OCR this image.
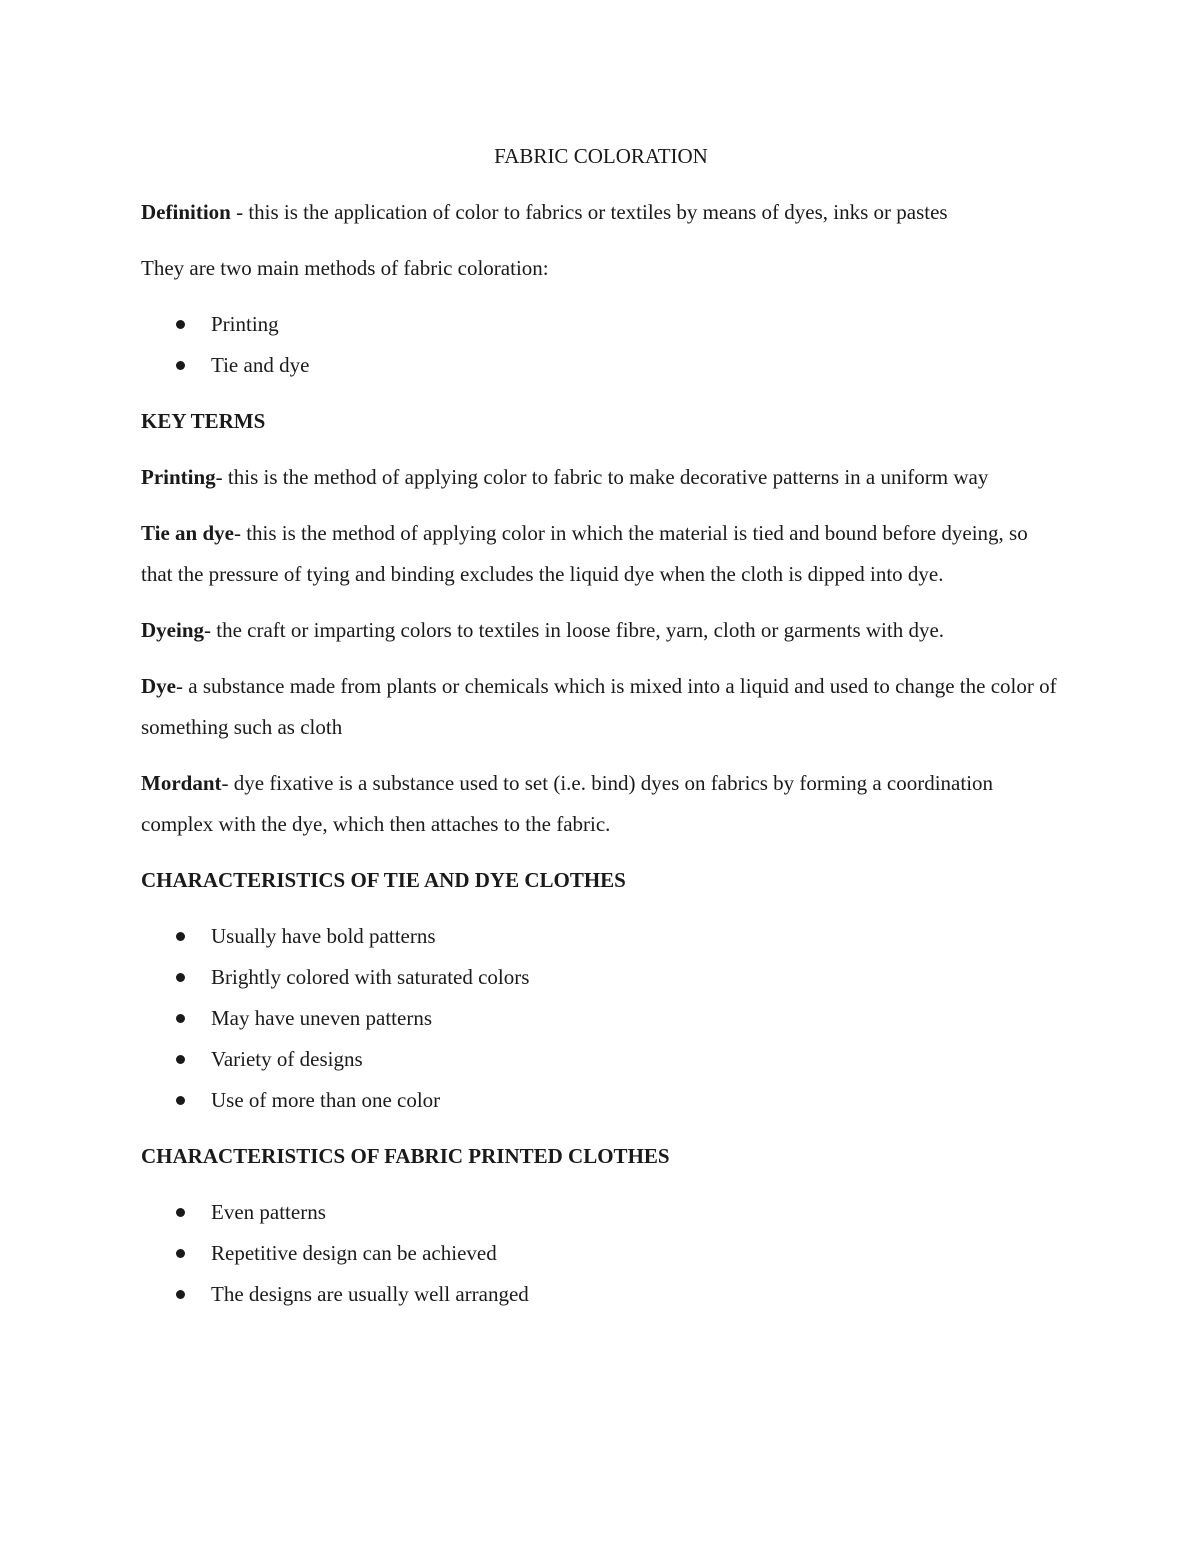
FABRIC COLORATION

Definition - this is the application of color to fabrics or textiles by means of dyes, inks or pastes

They are two main methods of fabric coloration:

Printing
Tie and dye
KEY TERMS

Printing- this is the method of applying color to fabric to make decorative patterns in a uniform way

Tie an dye- this is the method of applying color in which the material is tied and bound before dyeing, so that the pressure of tying and binding excludes the liquid dye when the cloth is dipped into dye.

Dyeing- the craft or imparting colors to textiles in loose fibre, yarn, cloth or garments with dye.

Dye- a substance made from plants or chemicals which is mixed into a liquid and used to change the color of something such as cloth

Mordant- dye fixative is a substance used to set (i.e. bind) dyes on fabrics by forming a coordination complex with the dye, which then attaches to the fabric.

CHARACTERISTICS OF TIE AND DYE CLOTHES
Usually have bold patterns
Brightly colored with saturated colors
May have uneven patterns
Variety of designs
Use of more than one color
CHARACTERISTICS OF FABRIC PRINTED CLOTHES
Even patterns
Repetitive design can be achieved
The designs are usually well arranged
